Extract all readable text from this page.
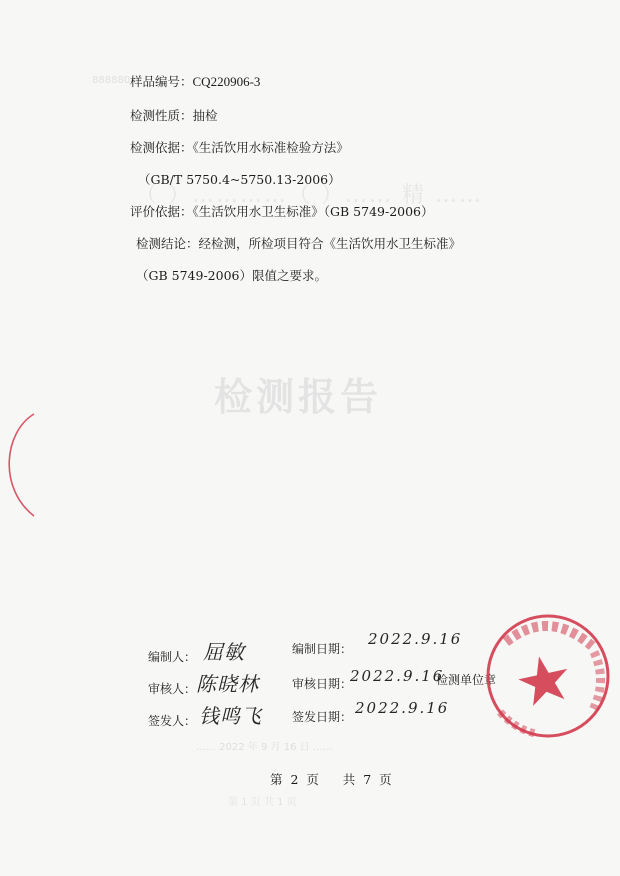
888880
（ ）…………（ ）…… 精 ……
检测报告
…… 2022 年 9 月 16 日 ……
第 1 页 共 1 页
样品编号：CQ220906-3
检测性质：抽检
检测依据：《生活饮用水标准检验方法》
（GB/T 5750.4~5750.13-2006）
评价依据：《生活饮用水卫生标准》（GB 5749-2006）
检测结论：经检测，所检项目符合《生活饮用水卫生标准》
（GB 5749-2006）限值之要求。
编制人： 屈敏	编制日期：
2022.9.16
审核人： 陈晓林	审核日期：
2022.9.16
检测单位章
签发人： 钱鸣飞	签发日期： 2022.9.16
第 2 页 共 7 页
